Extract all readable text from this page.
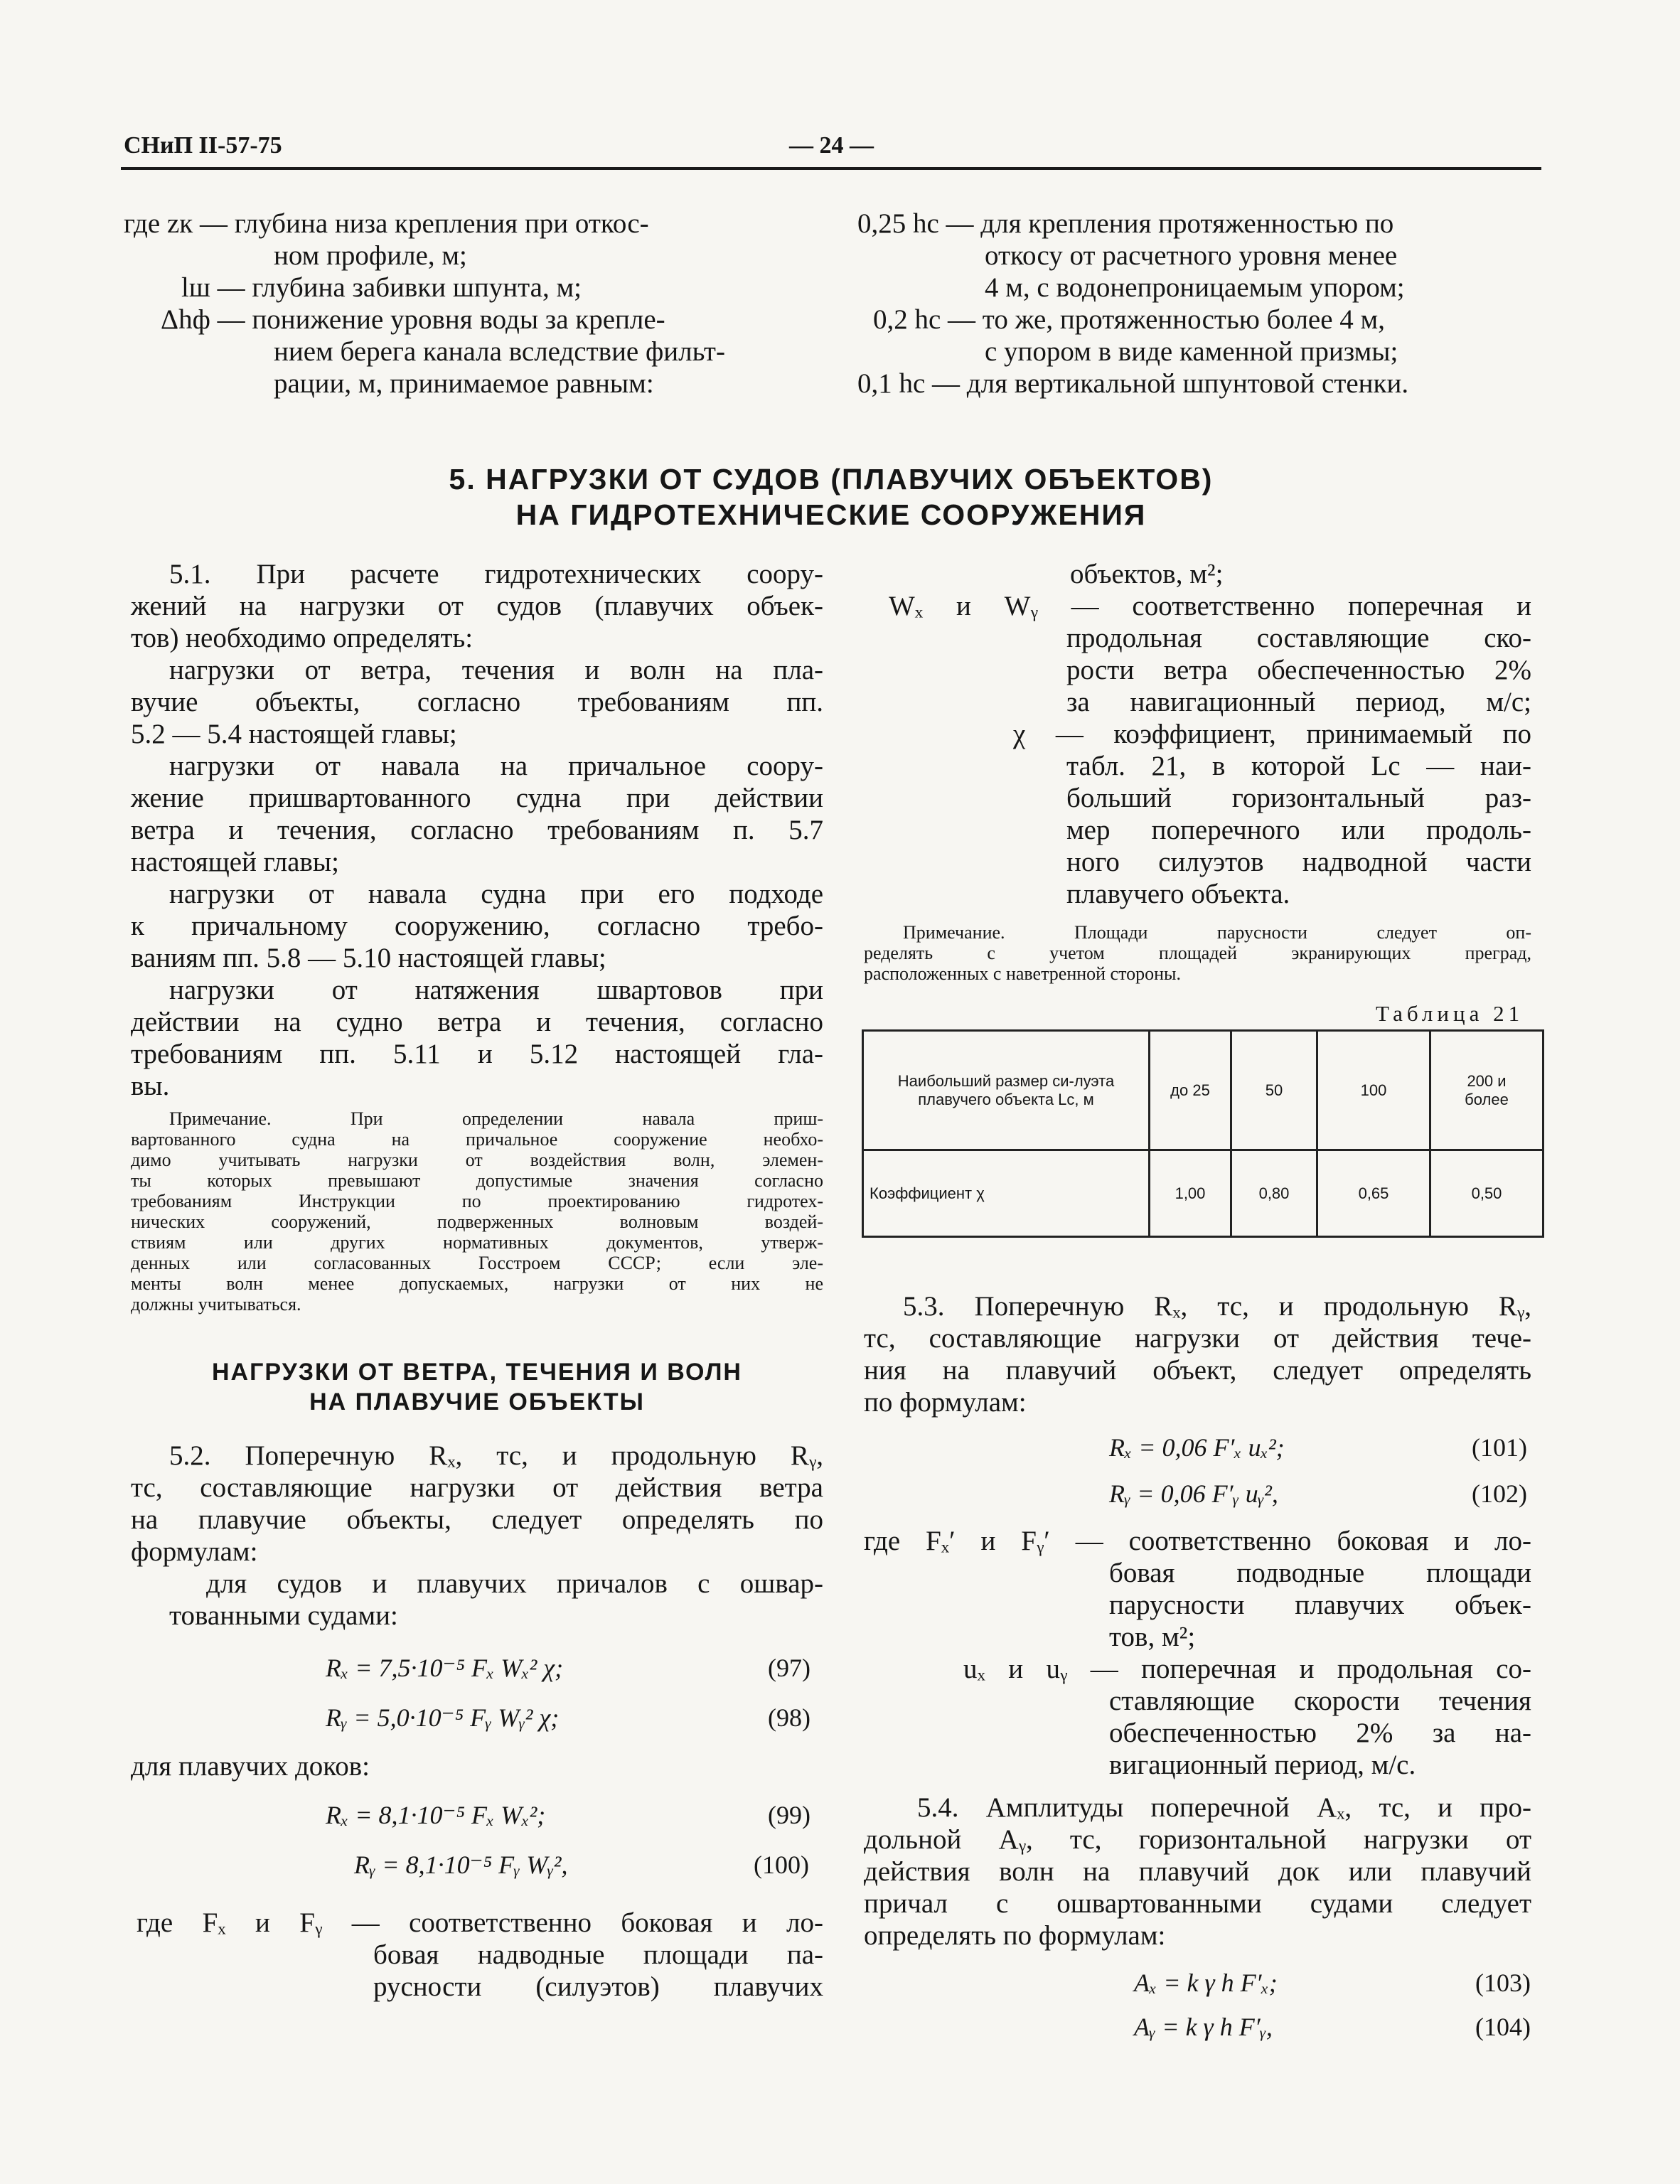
СНиП II-57-75	— 24 —
где zк — глубина низа крепления при откос-
ном профиле, м;
lш — глубина забивки шпунта, м;
Δhф — понижение уровня воды за крепле-
нием берега канала вследствие фильт-
рации, м, принимаемое равным:
0,25 hс — для крепления протяженностью по
откосу от расчетного уровня менее
4 м, с водонепроницаемым упором;
0,2 hс — то же, протяженностью более 4 м,
с упором в виде каменной призмы;
0,1 hс — для вертикальной шпунтовой стенки.
5. НАГРУЗКИ ОТ СУДОВ (ПЛАВУЧИХ ОБЪЕКТОВ)
НА ГИДРОТЕХНИЧЕСКИЕ СООРУЖЕНИЯ
5.1. При расчете гидротехнических соору-
жений на нагрузки от судов (плавучих объек-
тов) необходимо определять:
нагрузки от ветра, течения и волн на пла-
вучие объекты, согласно требованиям пп.
5.2 — 5.4 настоящей главы;
нагрузки от навала на причальное соору-
жение пришвартованного судна при действии
ветра и течения, согласно требованиям п. 5.7
настоящей главы;
нагрузки от навала судна при его подходе
к причальному сооружению, согласно требо-
ваниям пп. 5.8 — 5.10 настоящей главы;
нагрузки от натяжения швартовов при
действии на судно ветра и течения, согласно
требованиям пп. 5.11 и 5.12 настоящей гла-
вы.
Примечание. При определении навала приш-
вартованного судна на причальное сооружение необхо-
димо учитывать нагрузки от воздействия волн, элемен-
ты которых превышают допустимые значения согласно
требованиям Инструкции по проектированию гидротех-
нических сооружений, подверженных волновым воздей-
ствиям или других нормативных документов, утверж-
денных или согласованных Госстроем СССР; если эле-
менты волн менее допускаемых, нагрузки от них не
должны учитываться.
НАГРУЗКИ ОТ ВЕТРА, ТЕЧЕНИЯ И ВОЛН
НА ПЛАВУЧИЕ ОБЪЕКТЫ
5.2. Поперечную Rₓ, тс, и продольную Rᵧ,
тс, составляющие нагрузки от действия ветра
на плавучие объекты, следует определять по
формулам:
для судов и плавучих причалов с ошвар-
тованными судами:
Rₓ = 7,5·10⁻⁵ Fₓ Wₓ² χ;	(97)
Rᵧ = 5,0·10⁻⁵ Fᵧ Wᵧ² χ;	(98)
для плавучих доков:
Rₓ = 8,1·10⁻⁵ Fₓ Wₓ²;	(99)
Rᵧ = 8,1·10⁻⁵ Fᵧ Wᵧ²,	(100)
где Fₓ и Fᵧ — соответственно боковая и ло-
бовая надводные площади па-
русности (силуэтов) плавучих
объектов, м²;
Wₓ и Wᵧ — соответственно поперечная и
продольная составляющие ско-
рости ветра обеспеченностью 2%
за навигационный период, м/с;
χ — коэффициент, принимаемый по
табл. 21, в которой Lс — наи-
больший горизонтальный раз-
мер поперечного или продоль-
ного силуэтов надводной части
плавучего объекта.
Примечание. Площади парусности следует оп-
ределять с учетом площадей экранирующих преград,
расположенных с наветренной стороны.
Таблица 21
Наибольший размер си-луэта плавучего объекта Lс, м	до 25	50	100	200 и более
Коэффициент χ	1,00	0,80	0,65	0,50
5.3. Поперечную Rₓ, тс, и продольную Rᵧ,
тс, составляющие нагрузки от действия тече-
ния на плавучий объект, следует определять
по формулам:
Rₓ = 0,06 F′ₓ uₓ²;	(101)
Rᵧ = 0,06 F′ᵧ uᵧ²,	(102)
где Fₓ′ и Fᵧ′ — соответственно боковая и ло-
бовая подводные площади
парусности плавучих объек-
тов, м²;
uₓ и uᵧ — поперечная и продольная со-
ставляющие скорости течения
обеспеченностью 2% за на-
вигационный период, м/с.
5.4. Амплитуды поперечной Aₓ, тс, и про-
дольной Aᵧ, тс, горизонтальной нагрузки от
действия волн на плавучий док или плавучий
причал с ошвартованными судами следует
определять по формулам:
Aₓ = k γ h F′ₓ;	(103)
Aᵧ = k γ h F′ᵧ,	(104)
